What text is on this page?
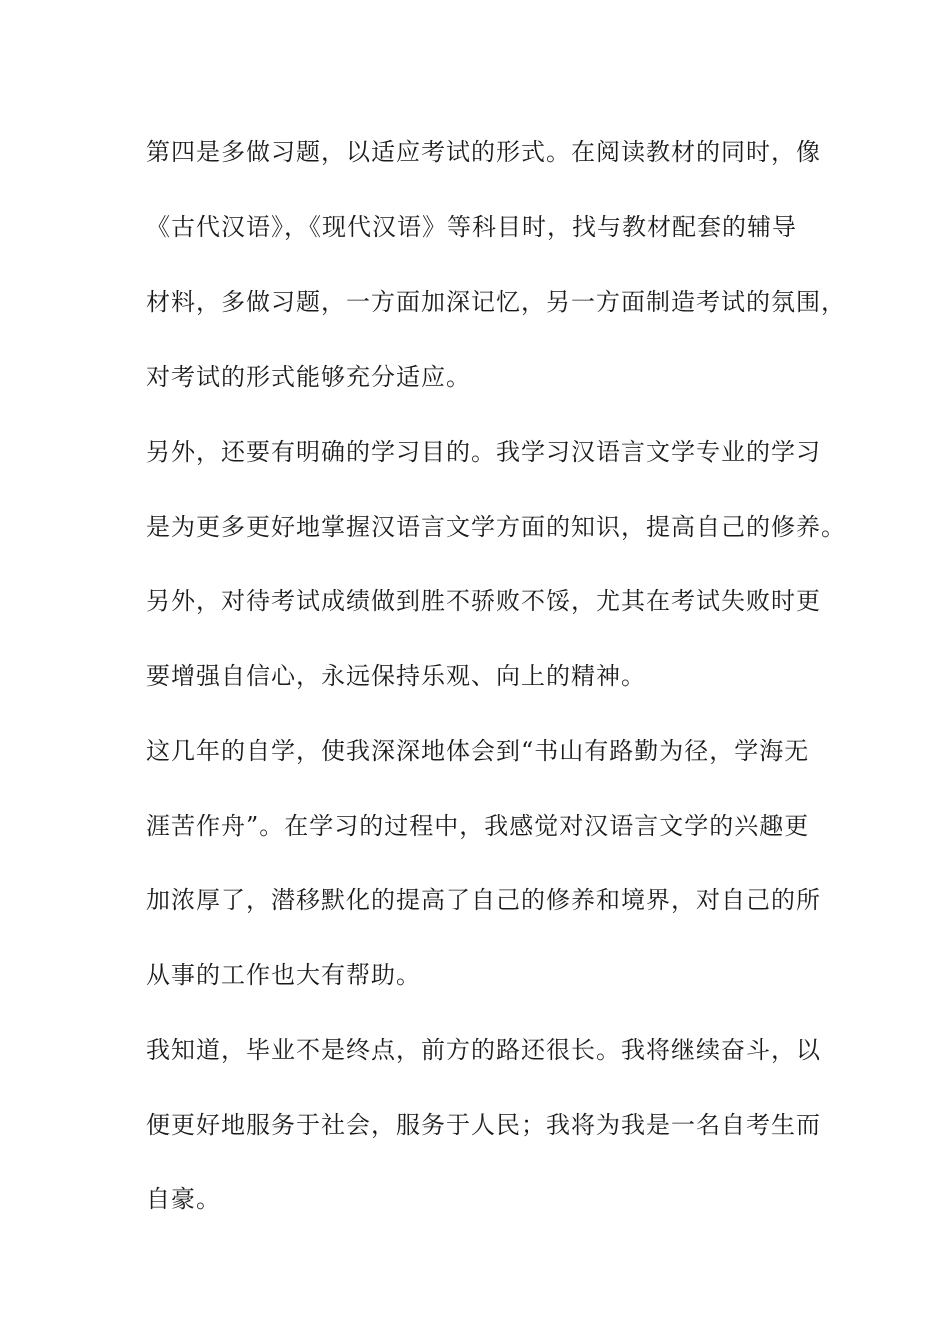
第四是多做习题，以适应考试的形式。在阅读教材的同时，像
《古代汉语》，《现代汉语》等科目时，找与教材配套的辅导
材料，多做习题，一方面加深记忆，另一方面制造考试的氛围，
对考试的形式能够充分适应。
另外，还要有明确的学习目的。我学习汉语言文学专业的学习
是为更多更好地掌握汉语言文学方面的知识，提高自己的修养。
另外，对待考试成绩做到胜不骄败不馁，尤其在考试失败时更
要增强自信心，永远保持乐观、向上的精神。
这几年的自学，使我深深地体会到“书山有路勤为径，学海无
涯苦作舟”。在学习的过程中，我感觉对汉语言文学的兴趣更
加浓厚了，潜移默化的提高了自己的修养和境界，对自己的所
从事的工作也大有帮助。
我知道，毕业不是终点，前方的路还很长。我将继续奋斗，以
便更好地服务于社会，服务于人民；我将为我是一名自考生而
自豪。
